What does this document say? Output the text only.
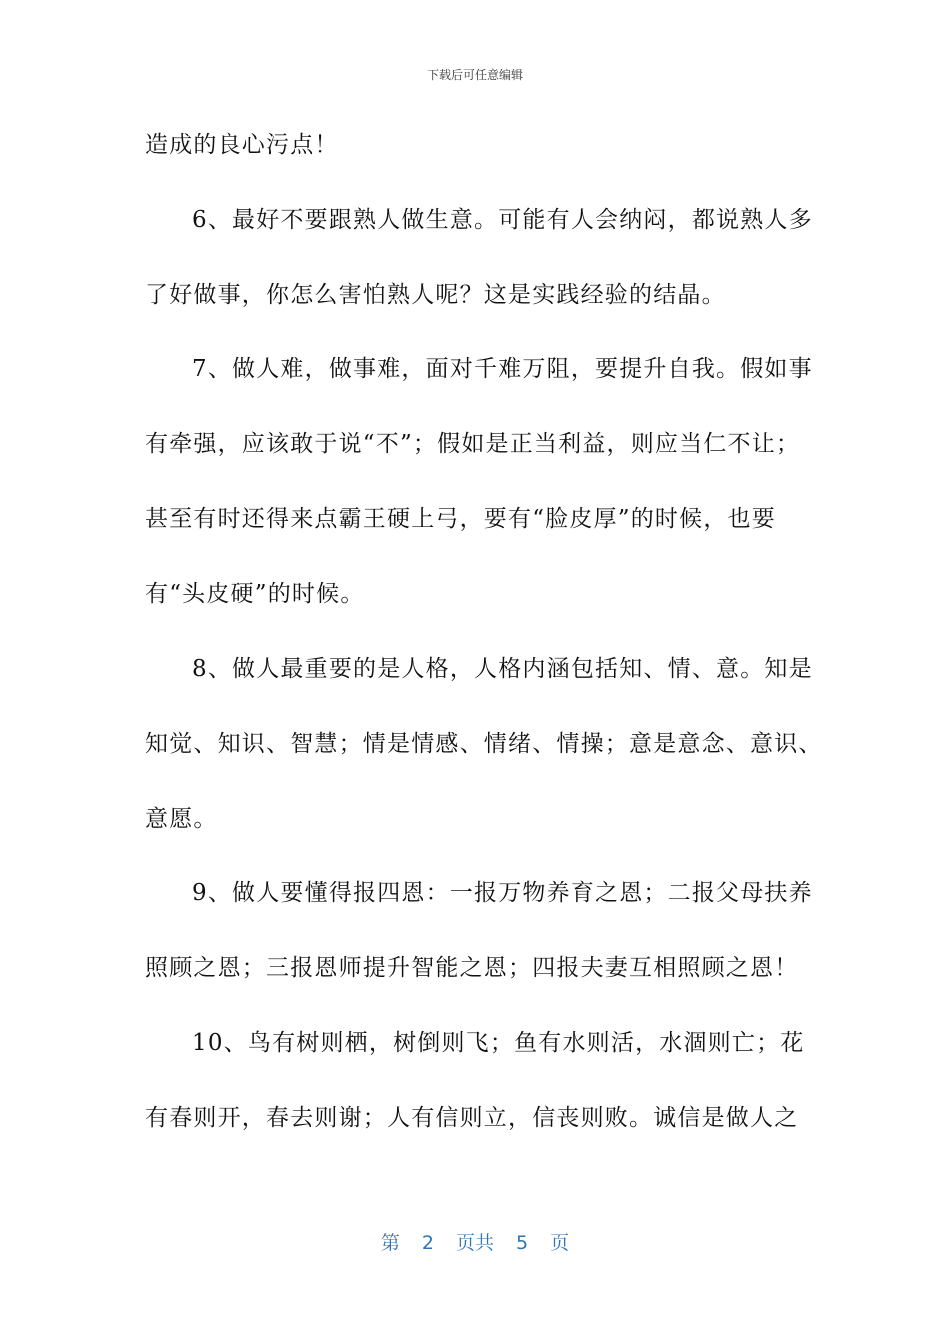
下载后可任意编辑
造成的良心污点！
6、最好不要跟熟人做生意。可能有人会纳闷，都说熟人多
了好做事，你怎么害怕熟人呢？这是实践经验的结晶。
7、做人难，做事难，面对千难万阻，要提升自我。假如事
有牵强，应该敢于说“不”；假如是正当利益，则应当仁不让；
甚至有时还得来点霸王硬上弓，要有“脸皮厚”的时候，也要
有“头皮硬”的时候。
8、做人最重要的是人格，人格内涵包括知、情、意。知是
知觉、知识、智慧；情是情感、情绪、情操；意是意念、意识、
意愿。
9、做人要懂得报四恩：一报万物养育之恩；二报父母扶养
照顾之恩；三报恩师提升智能之恩；四报夫妻互相照顾之恩！
10、鸟有树则栖，树倒则飞；鱼有水则活，水涸则亡；花
有春则开，春去则谢；人有信则立，信丧则败。诚信是做人之
第 2 页共 5 页
